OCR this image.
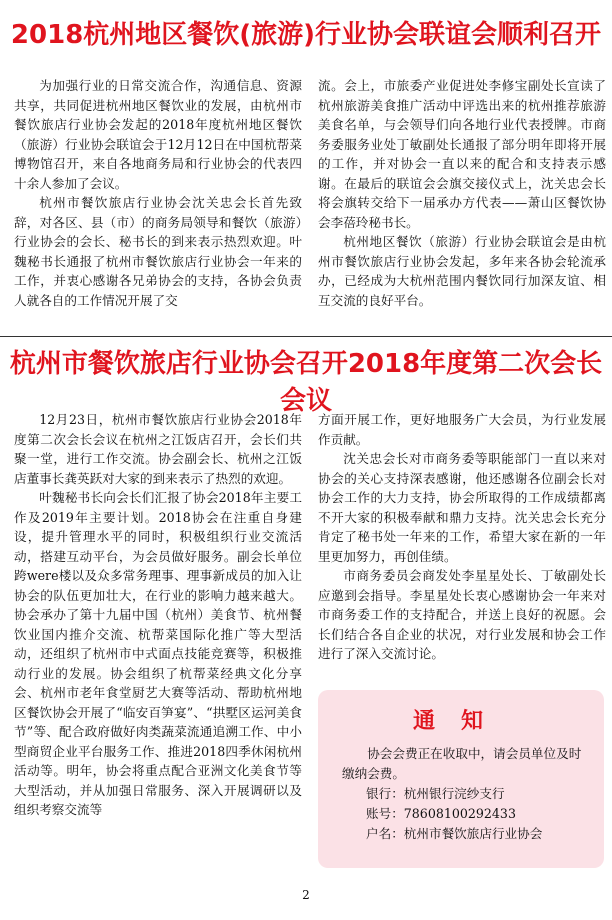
2018杭州地区餐饮(旅游)行业协会联谊会顺利召开

为加强行业的日常交流合作，沟通信息、资源共享，共同促进杭州地区餐饮业的发展，由杭州市餐饮旅店行业协会发起的2018年度杭州地区餐饮（旅游）行业协会联谊会于12月12日在中国杭帮菜博物馆召开，来自各地商务局和行业协会的代表四十余人参加了会议。

杭州市餐饮旅店行业协会沈关忠会长首先致辞，对各区、县（市）的商务局领导和餐饮（旅游）行业协会的会长、秘书长的到来表示热烈欢迎。叶魏秘书长通报了杭州市餐饮旅店行业协会一年来的工作，并衷心感谢各兄弟协会的支持，各协会负责人就各自的工作情况开展了交

流。会上，市旅委产业促进处李修宝副处长宣读了杭州旅游美食推广活动中评选出来的杭州推荐旅游美食名单，与会领导们向各地行业代表授牌。市商务委服务业处丁敏副处长通报了部分明年即将开展的工作，并对协会一直以来的配合和支持表示感谢。在最后的联谊会会旗交接仪式上，沈关忠会长将会旗转交给下一届承办方代表——萧山区餐饮协会李蓓玲秘书长。

杭州地区餐饮（旅游）行业协会联谊会是由杭州市餐饮旅店行业协会发起，多年来各协会轮流承办，已经成为大杭州范围内餐饮同行加深友谊、相互交流的良好平台。

杭州市餐饮旅店行业协会召开2018年度第二次会长会议

12月23日，杭州市餐饮旅店行业协会2018年度第二次会长会议在杭州之江饭店召开，会长们共聚一堂，进行工作交流。协会副会长、杭州之江饭店董事长龚英跃对大家的到来表示了热烈的欢迎。

叶魏秘书长向会长们汇报了协会2018年主要工作及2019年主要计划。2018协会在注重自身建设，提升管理水平的同时，积极组织行业交流活动，搭建互动平台，为会员做好服务。副会长单位跨were楼以及众多常务理事、理事新成员的加入让协会的队伍更加壮大，在行业的影响力越来越大。协会承办了第十九届中国（杭州）美食节、杭州餐饮业国内推介交流、杭帮菜国际化推广等大型活动，还组织了杭州市中式面点技能竞赛等，积极推动行业的发展。协会组织了杭帮菜经典文化分享会、杭州市老年食堂厨艺大赛等活动、帮助杭州地区餐饮协会开展了“临安百笋宴”、“拱墅区运河美食节”等、配合政府做好肉类蔬菜流通追溯工作、中小型商贸企业平台服务工作、推进2018四季休闲杭州活动等。明年，协会将重点配合亚洲文化美食节等大型活动，并从加强日常服务、深入开展调研以及组织考察交流等

方面开展工作，更好地服务广大会员，为行业发展作贡献。

沈关忠会长对市商务委等职能部门一直以来对协会的关心支持深表感谢，他还感谢各位副会长对协会工作的大力支持，协会所取得的工作成绩都离不开大家的积极奉献和鼎力支持。沈关忠会长充分肯定了秘书处一年来的工作，希望大家在新的一年里更加努力，再创佳绩。

市商务委员会商发处李星星处长、丁敏副处长应邀到会指导。李星星处长衷心感谢协会一年来对市商务委工作的支持配合，并送上良好的祝愿。会长们结合各自企业的状况，对行业发展和协会工作进行了深入交流讨论。

通知

协会会费正在收取中，请会员单位及时缴纳会费。

银行：杭州银行浣纱支行

账号：78608100292433

户名：杭州市餐饮旅店行业协会

2
